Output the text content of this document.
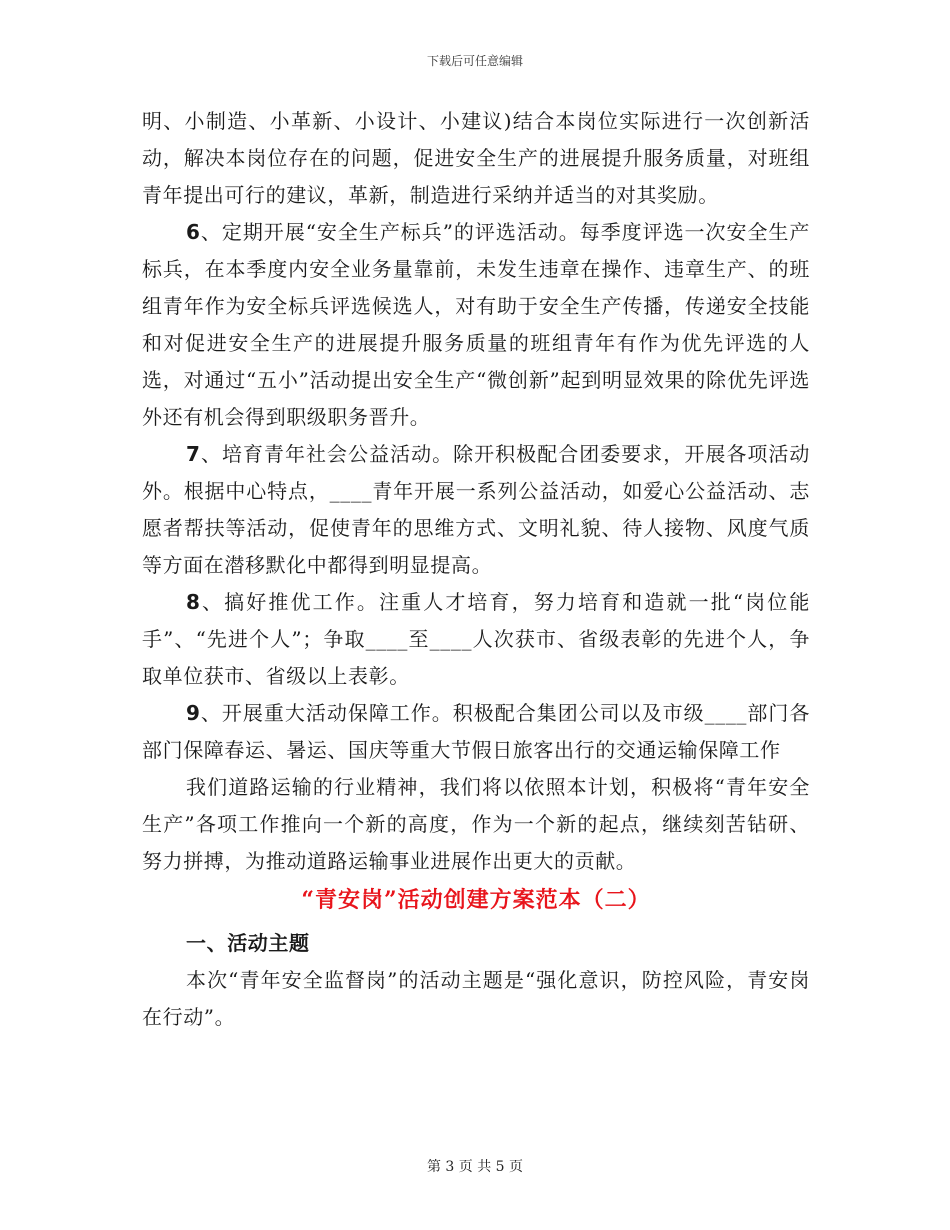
下载后可任意编辑

明、小制造、小革新、小设计、小建议)结合本岗位实际进行一次创新活动，解决本岗位存在的问题，促进安全生产的进展提升服务质量，对班组青年提出可行的建议，革新，制造进行采纳并适当的对其奖励。

6、定期开展“安全生产标兵”的评选活动。每季度评选一次安全生产标兵，在本季度内安全业务量靠前，未发生违章在操作、违章生产、的班组青年作为安全标兵评选候选人，对有助于安全生产传播，传递安全技能和对促进安全生产的进展提升服务质量的班组青年有作为优先评选的人选，对通过“五小”活动提出安全生产“微创新”起到明显效果的除优先评选外还有机会得到职级职务晋升。

7、培育青年社会公益活动。除开积极配合团委要求，开展各项活动外。根据中心特点，____青年开展一系列公益活动，如爱心公益活动、志愿者帮扶等活动，促使青年的思维方式、文明礼貌、待人接物、风度气质等方面在潜移默化中都得到明显提高。

8、搞好推优工作。注重人才培育，努力培育和造就一批“岗位能手”、“先进个人”；争取____至____人次获市、省级表彰的先进个人，争取单位获市、省级以上表彰。

9、开展重大活动保障工作。积极配合集团公司以及市级____部门各部门保障春运、暑运、国庆等重大节假日旅客出行的交通运输保障工作

我们道路运输的行业精神，我们将以依照本计划，积极将“青年安全生产”各项工作推向一个新的高度，作为一个新的起点，继续刻苦钻研、努力拼搏，为推动道路运输事业进展作出更大的贡献。

“青安岗”活动创建方案范本（二）

一、活动主题

本次“青年安全监督岗”的活动主题是“强化意识，防控风险，青安岗在行动”。

第 3 页 共 5 页
